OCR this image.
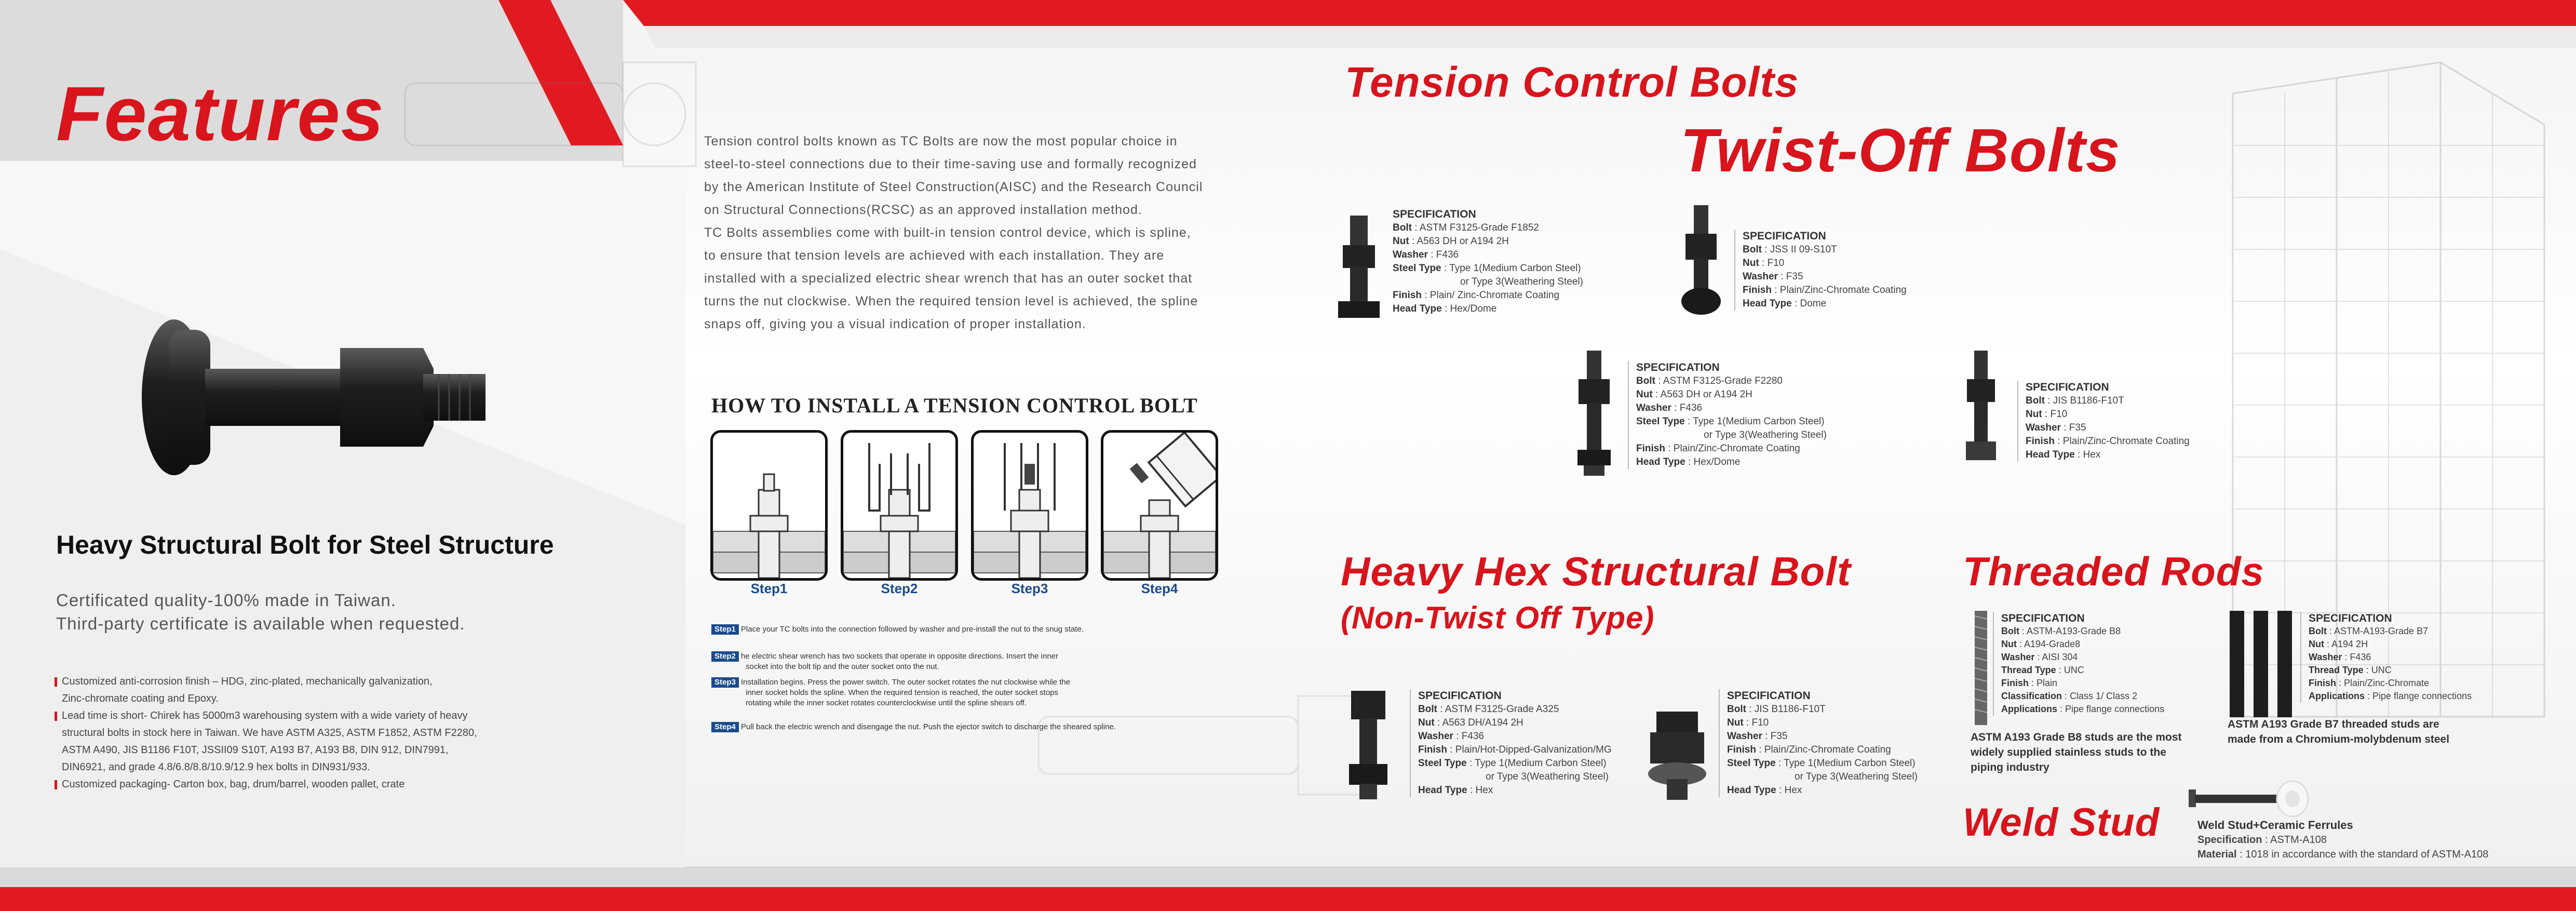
Features
Heavy Structural Bolt for Steel Structure
Certificated quality-100% made in Taiwan.
Third-party certificate is available when requested.
Customized anti-corrosion finish – HDG, zinc-plated, mechanically galvanization,
Zinc-chromate coating and Epoxy.
Lead time is short- Chirek has 5000m3 warehousing system with a wide variety of heavy
structural bolts in stock here in Taiwan. We have ASTM A325, ASTM F1852, ASTM F2280,
ASTM A490, JIS B1186 F10T, JSSII09 S10T, A193 B7, A193 B8, DIN 912, DIN7991,
DIN6921, and grade 4.8/6.8/8.8/10.9/12.9 hex bolts in DIN931/933.
Customized packaging- Carton box, bag, drum/barrel, wooden pallet, crate
Tension control bolts known as TC Bolts are now the most popular choice in
steel-to-steel connections due to their time-saving use and formally recognized
by the American Institute of Steel Construction(AISC) and the Research Council
on Structural Connections(RCSC) as an approved installation method.
TC Bolts assemblies come with built-in tension control device, which is spline,
to ensure that tension levels are achieved with each installation. They are
installed with a specialized electric shear wrench that has an outer socket that
turns the nut clockwise. When the required tension level is achieved, the spline
snaps off, giving you a visual indication of proper installation.
HOW TO INSTALL A TENSION CONTROL BOLT
Step1	Step2	Step3	Step4
Step1 Place your TC bolts into the connection followed by washer and pre-install the nut to the snug state.
Step2 he electric shear wrench has two sockets that operate in opposite directions. Insert the inner
socket into the bolt tip and the outer socket onto the nut.
Step3 Installation begins. Press the power switch. The outer socket rotates the nut clockwise while the
inner socket holds the spline. When the required tension is reached, the outer socket stops
rotating while the inner socket rotates counterclockwise until the spline shears off.
Step4 Pull back the electric wrench and disengage the nut. Push the ejector switch to discharge the sheared spline.
Tension Control Bolts
Twist-Off Bolts
SPECIFICATION
Bolt : ASTM F3125-Grade F1852
Nut : A563 DH or A194 2H
Washer : F436
Steel Type : Type 1(Medium Carbon Steel)
or Type 3(Weathering Steel)
Finish : Plain/ Zinc-Chromate Coating
Head Type : Hex/Dome
SPECIFICATION
Bolt : JSS II 09-S10T
Nut : F10
Washer : F35
Finish : Plain/Zinc-Chromate Coating
Head Type : Dome
SPECIFICATION
Bolt : ASTM F3125-Grade F2280
Nut : A563 DH or A194 2H
Washer : F436
Steel Type : Type 1(Medium Carbon Steel)
or Type 3(Weathering Steel)
Finish : Plain/Zinc-Chromate Coating
Head Type : Hex/Dome
SPECIFICATION
Bolt : JIS B1186-F10T
Nut : F10
Washer : F35
Finish : Plain/Zinc-Chromate Coating
Head Type : Hex
Heavy Hex Structural Bolt
(Non-Twist Off Type)
SPECIFICATION
Bolt : ASTM F3125-Grade A325
Nut : A563 DH/A194 2H
Washer : F436
Finish : Plain/Hot-Dipped-Galvanization/MG
Steel Type : Type 1(Medium Carbon Steel)
or Type 3(Weathering Steel)
Head Type : Hex
SPECIFICATION
Bolt : JIS B1186-F10T
Nut : F10
Washer : F35
Finish : Plain/Zinc-Chromate Coating
Steel Type : Type 1(Medium Carbon Steel)
or Type 3(Weathering Steel)
Head Type : Hex
Threaded Rods
SPECIFICATION
Bolt : ASTM-A193-Grade B8
Nut : A194-Grade8
Washer : AISI 304
Thread Type : UNC
Finish : Plain
Classification : Class 1/ Class 2
Applications : Pipe flange connections
ASTM A193 Grade B8 studs are the most
widely supplied stainless studs to the
piping industry
SPECIFICATION
Bolt : ASTM-A193-Grade B7
Nut : A194 2H
Washer : F436
Thread Type : UNC
Finish : Plain/Zinc-Chromate
Applications : Pipe flange connections
ASTM A193 Grade B7 threaded studs are
made from a Chromium-molybdenum steel
Weld Stud	Weld Stud+Ceramic Ferrules
Specification : ASTM-A108
Material : 1018 in accordance with the standard of ASTM-A108
